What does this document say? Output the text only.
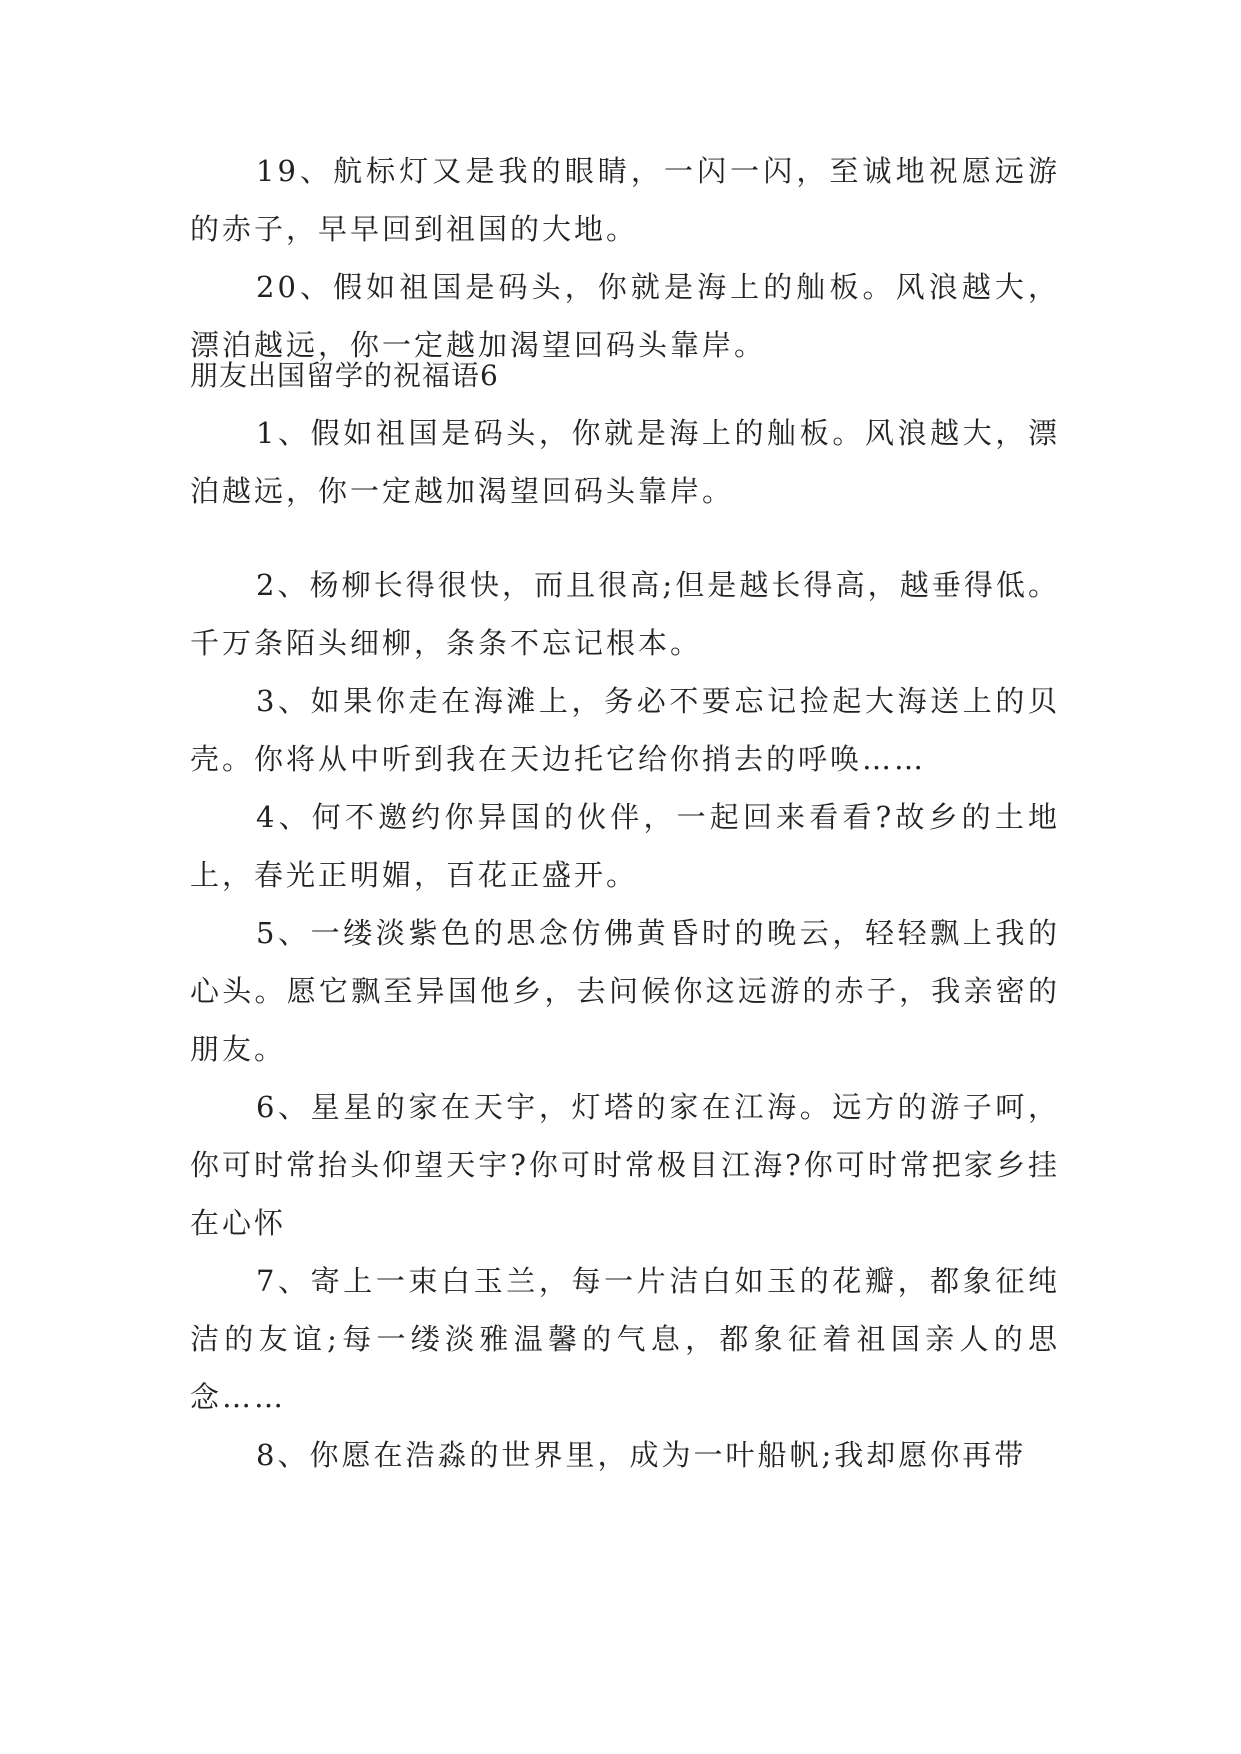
19、航标灯又是我的眼睛，一闪一闪，至诚地祝愿远游的赤子，早早回到祖国的大地。

20、假如祖国是码头，你就是海上的舢板。风浪越大，漂泊越远，你一定越加渴望回码头靠岸。

朋友出国留学的祝福语6

1、假如祖国是码头，你就是海上的舢板。风浪越大，漂泊越远，你一定越加渴望回码头靠岸。

2、杨柳长得很快，而且很高;但是越长得高，越垂得低。千万条陌头细柳，条条不忘记根本。

3、如果你走在海滩上，务必不要忘记捡起大海送上的贝壳。你将从中听到我在天边托它给你捎去的呼唤……

4、何不邀约你异国的伙伴，一起回来看看?故乡的土地上，春光正明媚，百花正盛开。

5、一缕淡紫色的思念仿佛黄昏时的晚云，轻轻飘上我的心头。愿它飘至异国他乡，去问候你这远游的赤子，我亲密的朋友。

6、星星的家在天宇，灯塔的家在江海。远方的游子呵，你可时常抬头仰望天宇?你可时常极目江海?你可时常把家乡挂在心怀

7、寄上一束白玉兰，每一片洁白如玉的花瓣，都象征纯洁的友谊;每一缕淡雅温馨的气息，都象征着祖国亲人的思念……

8、你愿在浩淼的世界里，成为一叶船帆;我却愿你再带
